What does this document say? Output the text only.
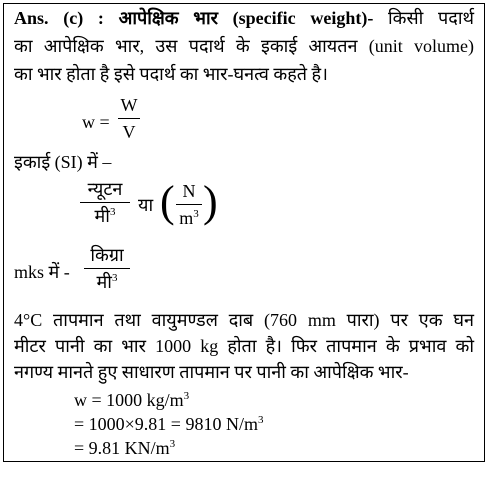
Ans. (c) : आपेक्षिक भार (specific weight)- किसी पदार्थ
का आपेक्षिक भार, उस पदार्थ के इकाई आयतन (unit volume)
का भार होता है इसे पदार्थ का भार-घनत्व कहते है।
w =
W
V
इकाई (SI) में –
न्यूटन
मी$^3$	या ( N
$m^3$ )
mks में -
किग्रा
मी$^3$
4°C तापमान तथा वायुमण्डल दाब (760 mm पारा) पर एक घन
मीटर पानी का भार 1000 kg होता है। फिर तापमान के प्रभाव को
नगण्य मानते हुए साधारण तापमान पर पानी का आपेक्षिक भार-
w = 1000 $kg/m^3$
= 1000×9.81 = 9810 $N/m^3$
= 9.81 $KN/m^3$
